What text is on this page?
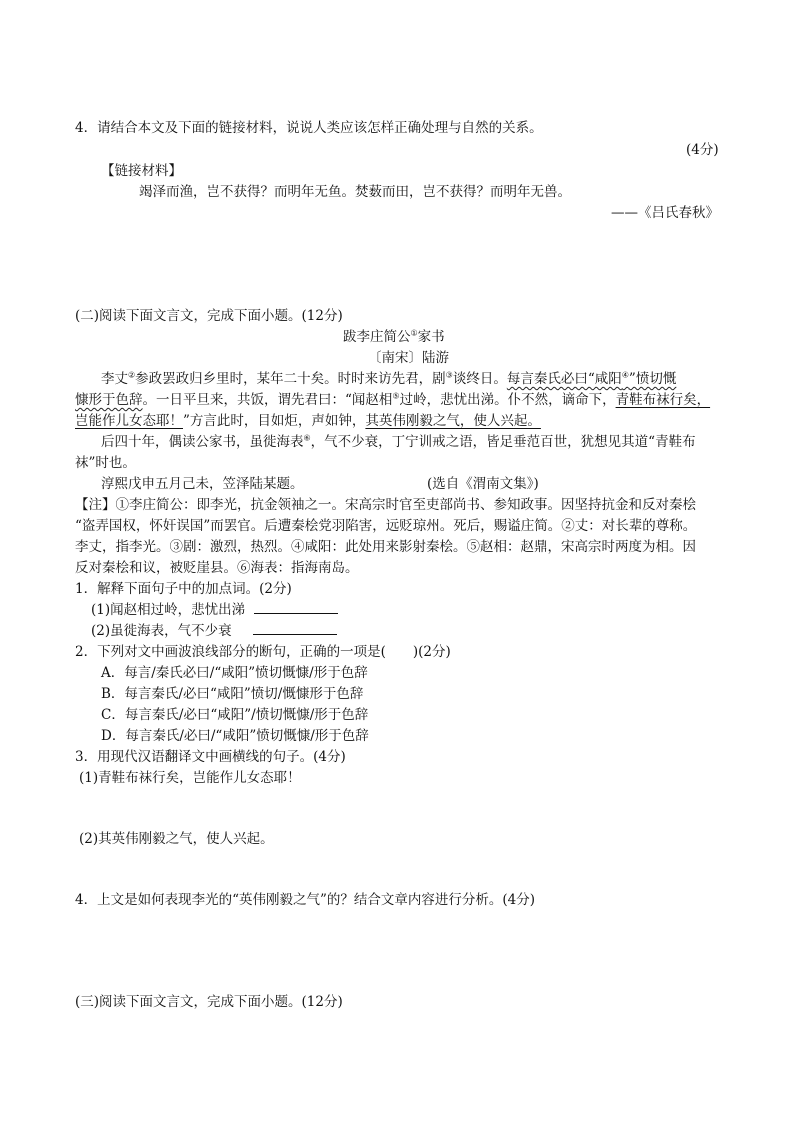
4．请结合本文及下面的链接材料，说说人类应该怎样正确处理与自然的关系。
(4分)
【链接材料】
竭泽而渔，岂不获得？而明年无鱼。焚薮而田，岂不获得？而明年无兽。
——《吕氏春秋》
(二)阅读下面文言文，完成下面小题。(12分)
跋李庄简公①家书
〔南宋〕陆游
李丈②参政罢政归乡里时，某年二十矣。时时来访先君，剧③谈终日。每言秦氏必曰“咸阳④”愤切慨
慷形于色辞。一日平旦来，共饭，谓先君曰：“闻赵相⑤过岭，悲忧出涕。仆不然，谪命下，青鞋布袜行矣，
岂能作儿女态耶！”方言此时，目如炬，声如钟，其英伟刚毅之气，使人兴起。
后四十年，偶读公家书，虽徙海表⑥，气不少衰，丁宁训戒之语，皆足垂范百世，犹想见其道“青鞋布
袜”时也。
淳熙戊申五月己未，笠泽陆某题。	(选自《渭南文集》)
【注】①李庄简公：即李光，抗金领袖之一。宋高宗时官至吏部尚书、参知政事。因坚持抗金和反对秦桧
“盗弄国权，怀奸误国”而罢官。后遭秦桧党羽陷害，远贬琼州。死后，赐谥庄简。②丈：对长辈的尊称。
李丈，指李光。③剧：激烈，热烈。④咸阳：此处用来影射秦桧。⑤赵相：赵鼎，宋高宗时两度为相。因
反对秦桧和议，被贬崖县。⑥海表：指海南岛。
1．解释下面句子中的加点词。(2分)
(1)闻赵相过岭，悲忧出涕
(2)虽徙海表，气不少衰
2．下列对文中画波浪线部分的断句，正确的一项是(　　)(2分)
A．每言/秦氏必曰/“咸阳”愤切慨慷/形于色辞
B．每言秦氏/必曰“咸阳”愤切/慨慷形于色辞
C．每言秦氏/必曰“咸阳”/愤切慨慷/形于色辞
D．每言秦氏/必曰/“咸阳”愤切慨慷/形于色辞
3．用现代汉语翻译文中画横线的句子。(4分)
(1)青鞋布袜行矣，岂能作儿女态耶！
(2)其英伟刚毅之气，使人兴起。
4．上文是如何表现李光的“英伟刚毅之气”的？结合文章内容进行分析。(4分)
(三)阅读下面文言文，完成下面小题。(12分)
